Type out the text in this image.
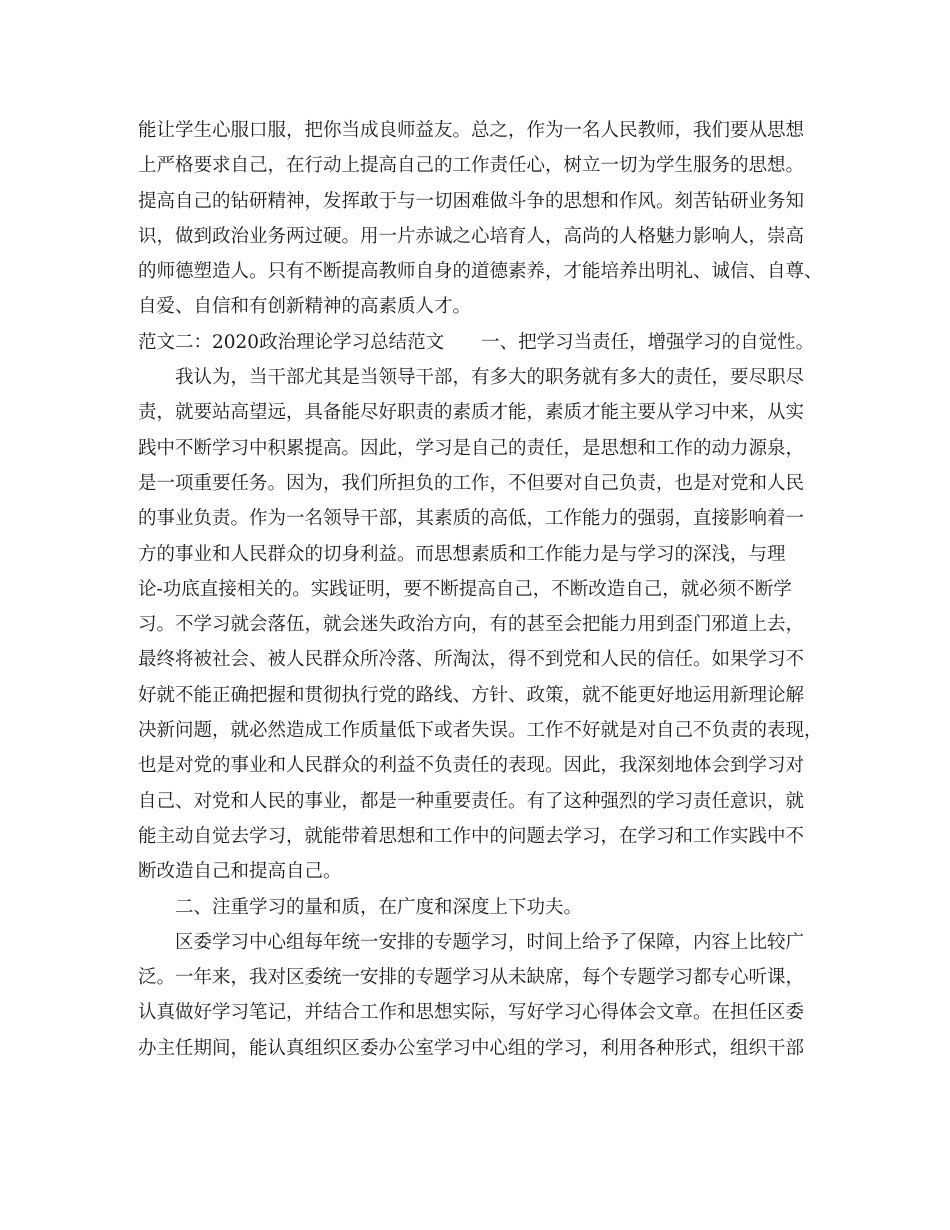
能让学生心服口服，把你当成良师益友。总之，作为一名人民教师，我们要从思想

上严格要求自己，在行动上提高自己的工作责任心，树立一切为学生服务的思想。

提高自己的钻研精神，发挥敢于与一切困难做斗争的思想和作风。刻苦钻研业务知

识，做到政治业务两过硬。用一片赤诚之心培育人，高尚的人格魅力影响人，崇高

的师德塑造人。只有不断提高教师自身的道德素养，才能培养出明礼、诚信、自尊、

自爱、自信和有创新精神的高素质人才。

范文二：2020政治理论学习总结范文　　一、把学习当责任，增强学习的自觉性。

　　我认为，当干部尤其是当领导干部，有多大的职务就有多大的责任，要尽职尽

责，就要站高望远，具备能尽好职责的素质才能，素质才能主要从学习中来，从实

践中不断学习中积累提高。因此，学习是自己的责任，是思想和工作的动力源泉，

是一项重要任务。因为，我们所担负的工作，不但要对自己负责，也是对党和人民

的事业负责。作为一名领导干部，其素质的高低，工作能力的强弱，直接影响着一

方的事业和人民群众的切身利益。而思想素质和工作能力是与学习的深浅，与理

论-功底直接相关的。实践证明，要不断提高自己，不断改造自己，就必须不断学

习。不学习就会落伍，就会迷失政治方向，有的甚至会把能力用到歪门邪道上去，

最终将被社会、被人民群众所冷落、所淘汰，得不到党和人民的信任。如果学习不

好就不能正确把握和贯彻执行党的路线、方针、政策，就不能更好地运用新理论解

决新问题，就必然造成工作质量低下或者失误。工作不好就是对自己不负责的表现，

也是对党的事业和人民群众的利益不负责任的表现。因此，我深刻地体会到学习对

自己、对党和人民的事业，都是一种重要责任。有了这种强烈的学习责任意识，就

能主动自觉去学习，就能带着思想和工作中的问题去学习，在学习和工作实践中不

断改造自己和提高自己。

　　二、注重学习的量和质，在广度和深度上下功夫。

　　区委学习中心组每年统一安排的专题学习，时间上给予了保障，内容上比较广

泛。一年来，我对区委统一安排的专题学习从未缺席，每个专题学习都专心听课，

认真做好学习笔记，并结合工作和思想实际，写好学习心得体会文章。在担任区委

办主任期间，能认真组织区委办公室学习中心组的学习，利用各种形式，组织干部
